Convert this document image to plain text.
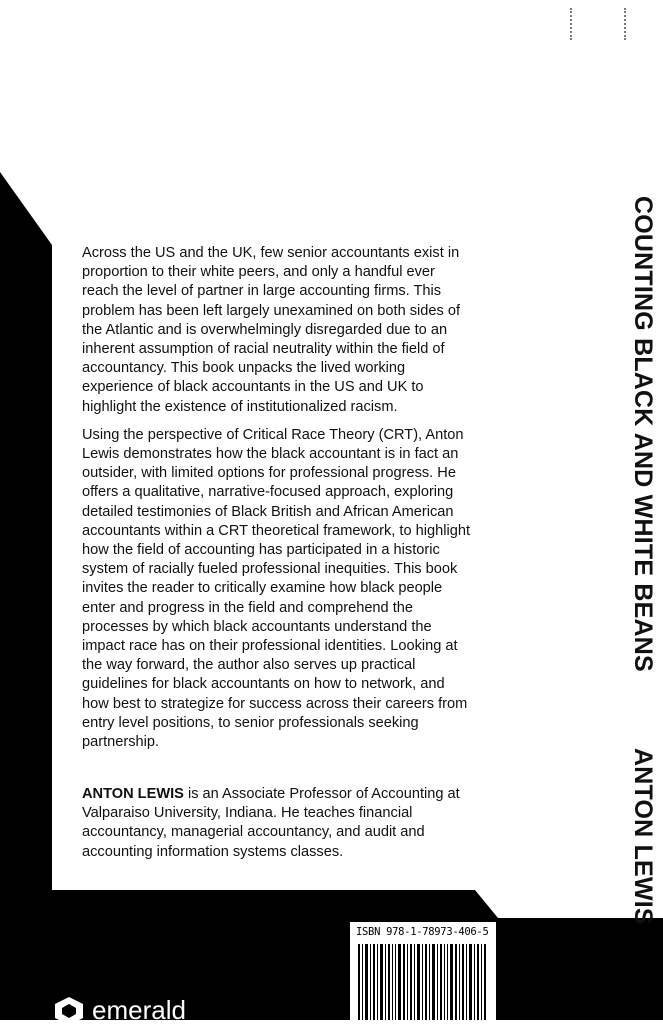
Across the US and the UK, few senior accountants exist in proportion to their white peers, and only a handful ever reach the level of partner in large accounting firms. This problem has been left largely unexamined on both sides of the Atlantic and is overwhelmingly disregarded due to an inherent assumption of racial neutrality within the field of accountancy. This book unpacks the lived working experience of black accountants in the US and UK to highlight the existence of institutionalized racism.

Using the perspective of Critical Race Theory (CRT), Anton Lewis demonstrates how the black accountant is in fact an outsider, with limited options for professional progress. He offers a qualitative, narrative-focused approach, exploring detailed testimonies of Black British and African American accountants within a CRT theoretical framework, to highlight how the field of accounting has participated in a historic system of racially fueled professional inequities. This book invites the reader to critically examine how black people enter and progress in the field and comprehend the processes by which black accountants understand the impact race has on their professional identities. Looking at the way forward, the author also serves up practical guidelines for black accountants on how to network, and how best to strategize for success across their careers from entry level positions, to senior professionals seeking partnership.

ANTON LEWIS is an Associate Professor of Accounting at Valparaiso University, Indiana. He teaches financial accountancy, managerial accountancy, and audit and accounting information systems classes.

COUNTING BLACK AND WHITE BEANS
ANTON LEWIS
ISBN 978-1-78973-406-5
emerald
